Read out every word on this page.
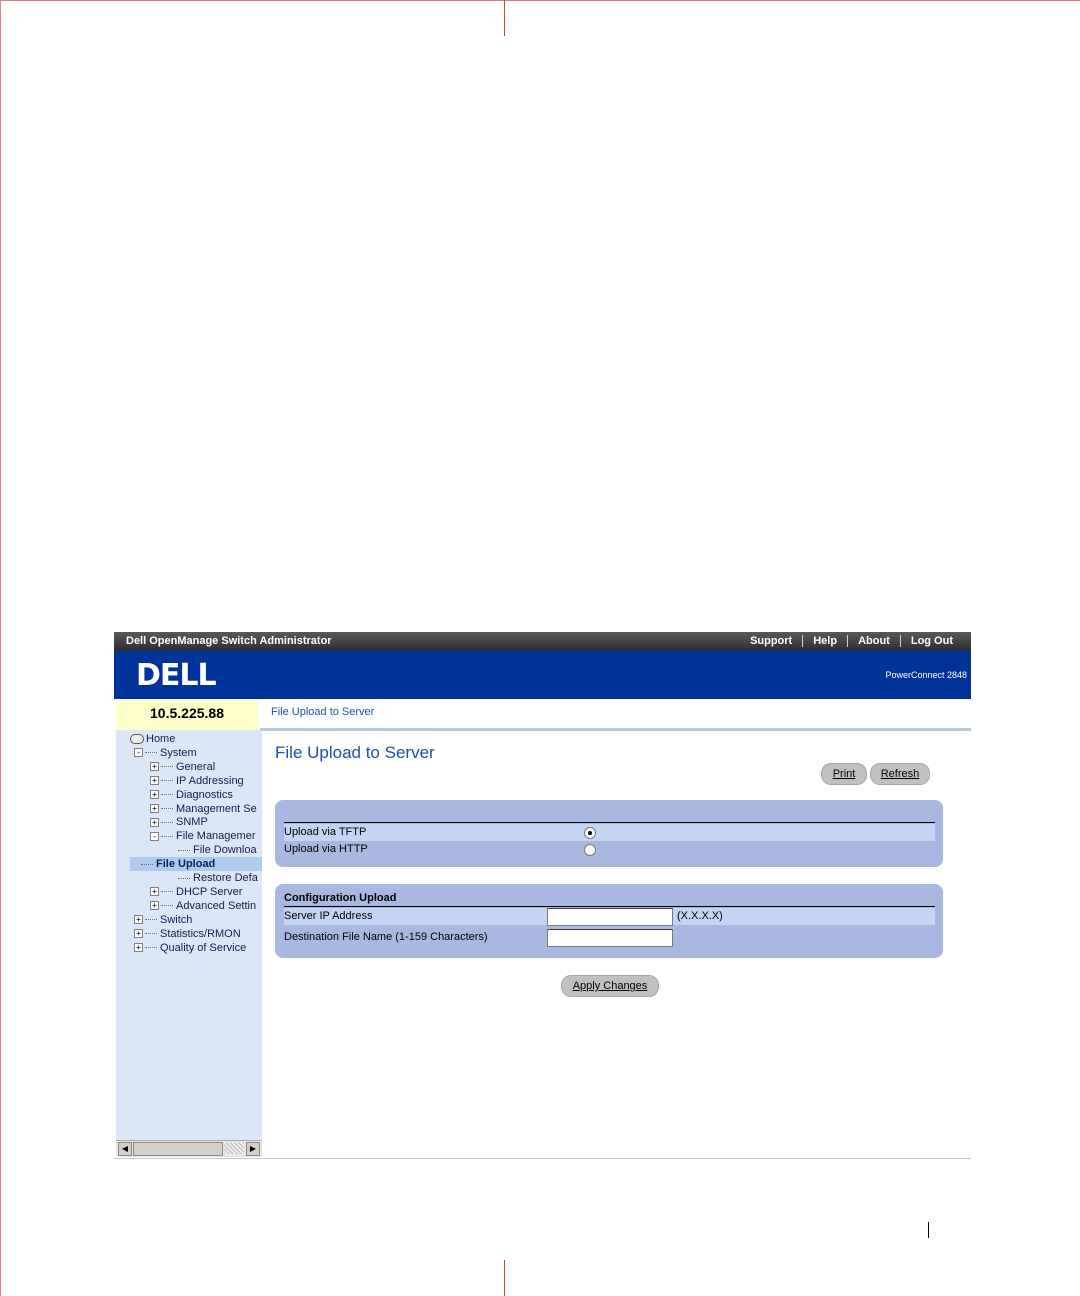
Dell OpenManage Switch Administrator	Support	Help	About	Log Out
DELL	PowerConnect 2848
10.5.225.88	File Upload to Server
Home
- System
+ General
+ IP Addressing
+ Diagnostics
+ Management Se
+ SNMP
- File Managemer
File Downloa
File Upload
Restore Defa
+ DHCP Server
+ Advanced Settin
+ Switch
+ Statistics/RMON
+ Quality of Service
◀	▶
File Upload to Server
Print	Refresh
Upload via TFTP
Upload via HTTP
Configuration Upload
Server IP Address	(X.X.X.X)
Destination File Name (1-159 Characters)
Apply Changes
